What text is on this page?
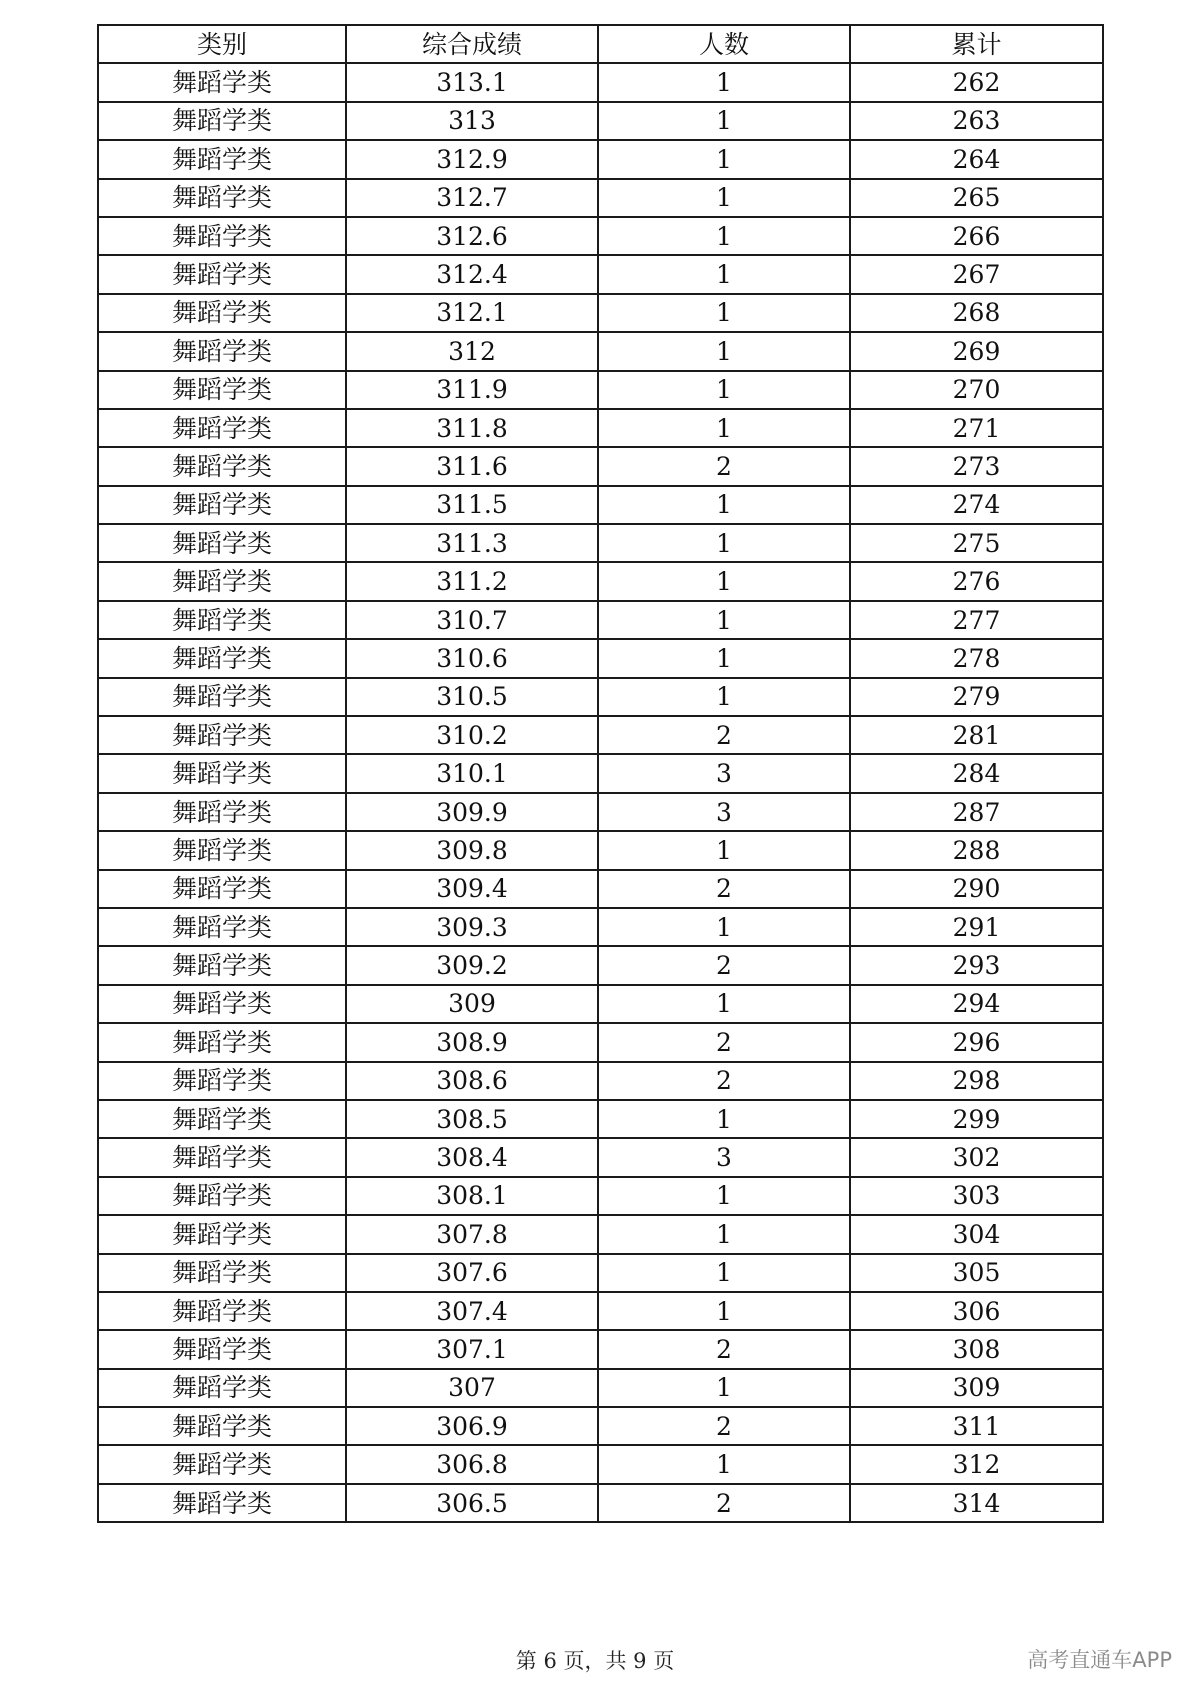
类别	综合成绩	人数	累计
舞蹈学类	313.1	1	262
舞蹈学类	313	1	263
舞蹈学类	312.9	1	264
舞蹈学类	312.7	1	265
舞蹈学类	312.6	1	266
舞蹈学类	312.4	1	267
舞蹈学类	312.1	1	268
舞蹈学类	312	1	269
舞蹈学类	311.9	1	270
舞蹈学类	311.8	1	271
舞蹈学类	311.6	2	273
舞蹈学类	311.5	1	274
舞蹈学类	311.3	1	275
舞蹈学类	311.2	1	276
舞蹈学类	310.7	1	277
舞蹈学类	310.6	1	278
舞蹈学类	310.5	1	279
舞蹈学类	310.2	2	281
舞蹈学类	310.1	3	284
舞蹈学类	309.9	3	287
舞蹈学类	309.8	1	288
舞蹈学类	309.4	2	290
舞蹈学类	309.3	1	291
舞蹈学类	309.2	2	293
舞蹈学类	309	1	294
舞蹈学类	308.9	2	296
舞蹈学类	308.6	2	298
舞蹈学类	308.5	1	299
舞蹈学类	308.4	3	302
舞蹈学类	308.1	1	303
舞蹈学类	307.8	1	304
舞蹈学类	307.6	1	305
舞蹈学类	307.4	1	306
舞蹈学类	307.1	2	308
舞蹈学类	307	1	309
舞蹈学类	306.9	2	311
舞蹈学类	306.8	1	312
舞蹈学类	306.5	2	314
第 6 页，共 9 页	高考直通车APP
